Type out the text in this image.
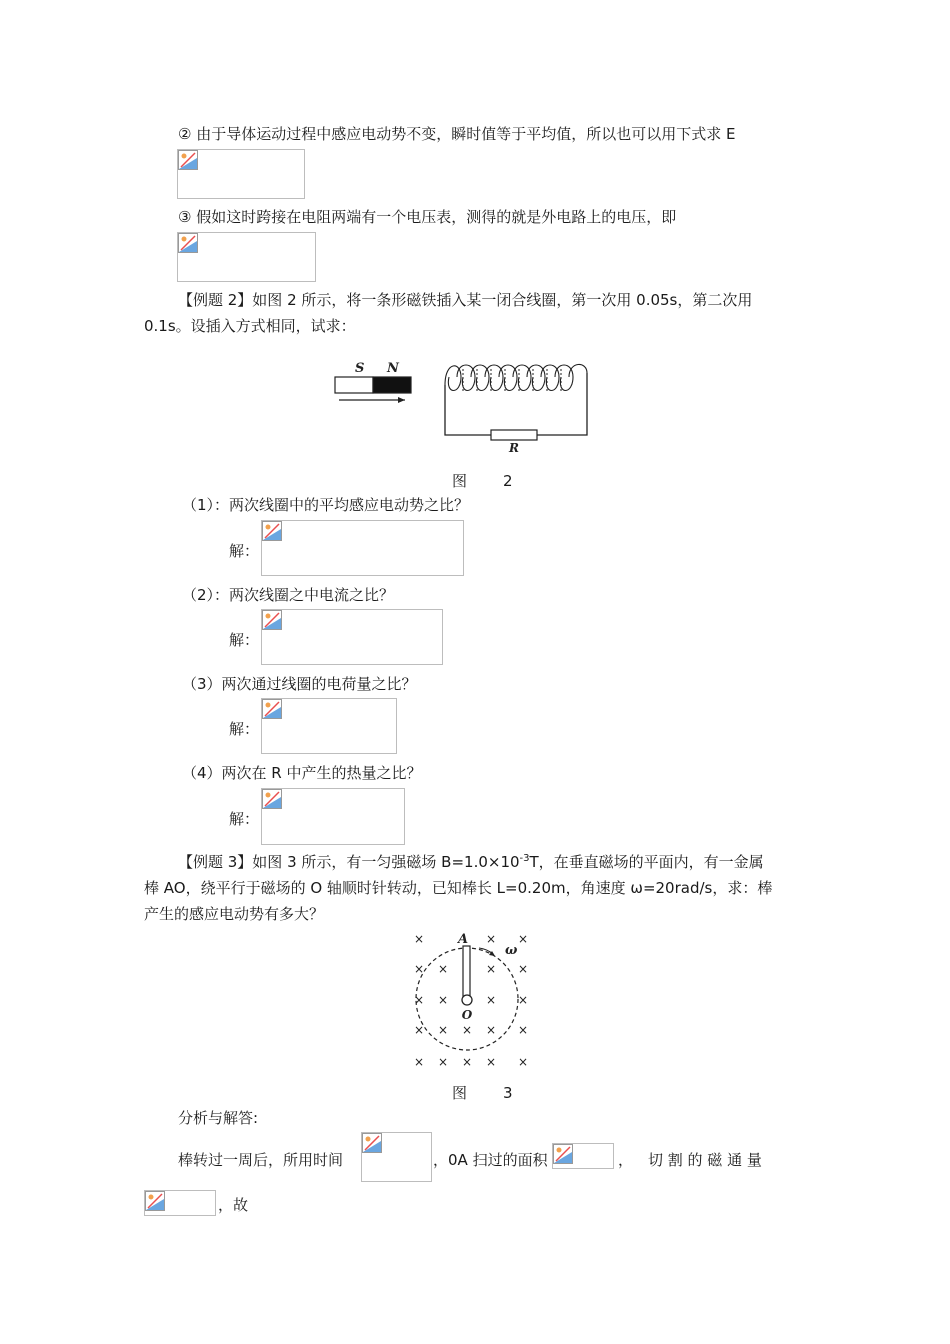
② 由于导体运动过程中感应电动势不变，瞬时值等于平均值，所以也可以用下式求 E
③ 假如这时跨接在电阻两端有一个电压表，测得的就是外电路上的电压，即
【例题 2】如图 2 所示，将一条形磁铁插入某一闭合线圈，第一次用 0.05s，第二次用
0.1s。设插入方式相同，试求：
S N
R
图 2
（1）：两次线圈中的平均感应电动势之比？
解：
（2）：两次线圈之中电流之比？
解：
（3）两次通过线圈的电荷量之比？
解：
（4）两次在 R 中产生的热量之比？
解：
【例题 3】如图 3 所示，有一匀强磁场 $B=1.0\times 10^{-3}T$，在垂直磁场的平面内，有一金属
棒 AO，绕平行于磁场的 O 轴顺时针转动，已知棒长 L=0.20m，角速度 ω=20rad/s，求：棒
产生的感应电动势有多大？
×	× ×
× ×	× ×
× ×	× ×
× × × × ×
× × × × ×
A
O
ω
图 3
分析与解答:
棒转过一周后，所用时间	，0A 扫过的面积	， 切 割 的 磁 通 量
，故
